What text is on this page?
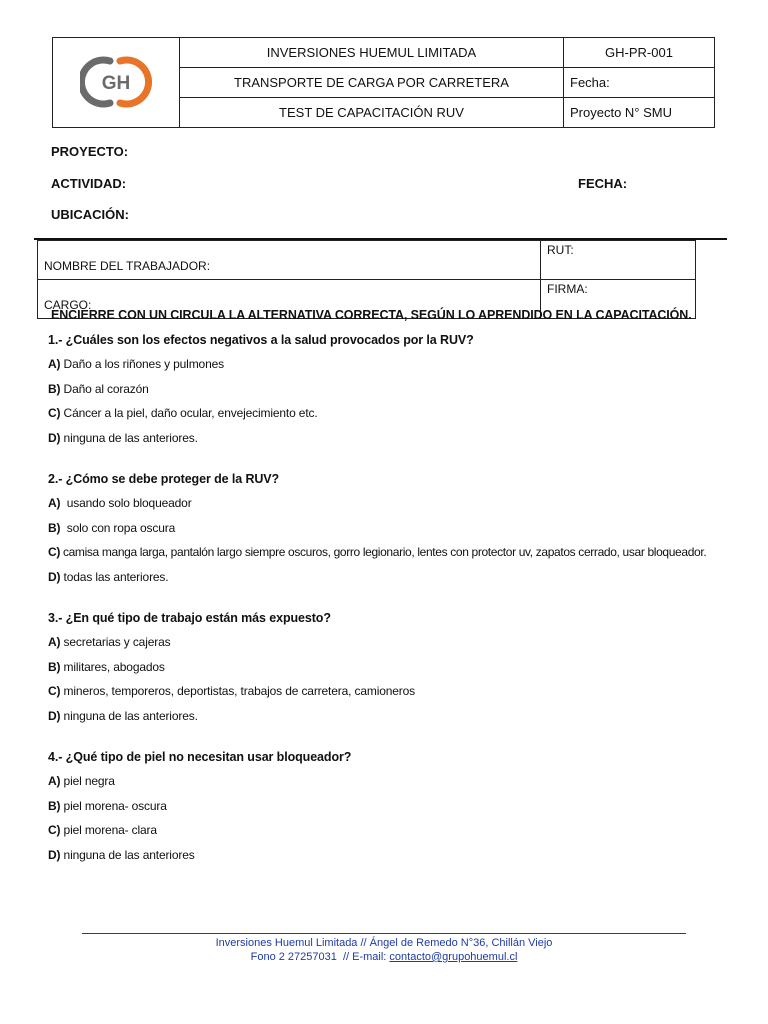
GH	INVERSIONES HUEMUL LIMITADA	GH-PR-001
	TRANSPORTE DE CARGA POR CARRETERA	Fecha:
	TEST DE CAPACITACIÓN RUV	Proyecto N° SMU
PROYECTO:
ACTIVIDAD:	FECHA:
UBICACIÓN:
NOMBRE DEL TRABAJADOR:	RUT:
CARGO:	FIRMA:
ENCIERRE CON UN CIRCULA LA ALTERNATIVA CORRECTA, SEGÚN LO APRENDIDO EN LA CAPACITACIÓN.
1.- ¿Cuáles son los efectos negativos a la salud provocados por la RUV?
A) Daño a los riñones y pulmones
B) Daño al corazón
C) Cáncer a la piel, daño ocular, envejecimiento etc.
D) ninguna de las anteriores.
2.- ¿Cómo se debe proteger de la RUV?
A)  usando solo bloqueador
B)  solo con ropa oscura
C) camisa manga larga, pantalón largo siempre oscuros, gorro legionario, lentes con protector uv, zapatos cerrado, usar bloqueador.
D) todas las anteriores.
3.- ¿En qué tipo de trabajo están más expuesto?
A) secretarias y cajeras
B) militares, abogados
C) mineros, temporeros, deportistas, trabajos de carretera, camioneros
D) ninguna de las anteriores.
4.- ¿Qué tipo de piel no necesitan usar bloqueador?
A) piel negra
B) piel morena- oscura
C) piel morena- clara
D) ninguna de las anteriores
Inversiones Huemul Limitada // Ángel de Remedo N°36, Chillán Viejo
Fono 2 27257031  // E-mail: contacto@grupohuemul.cl
